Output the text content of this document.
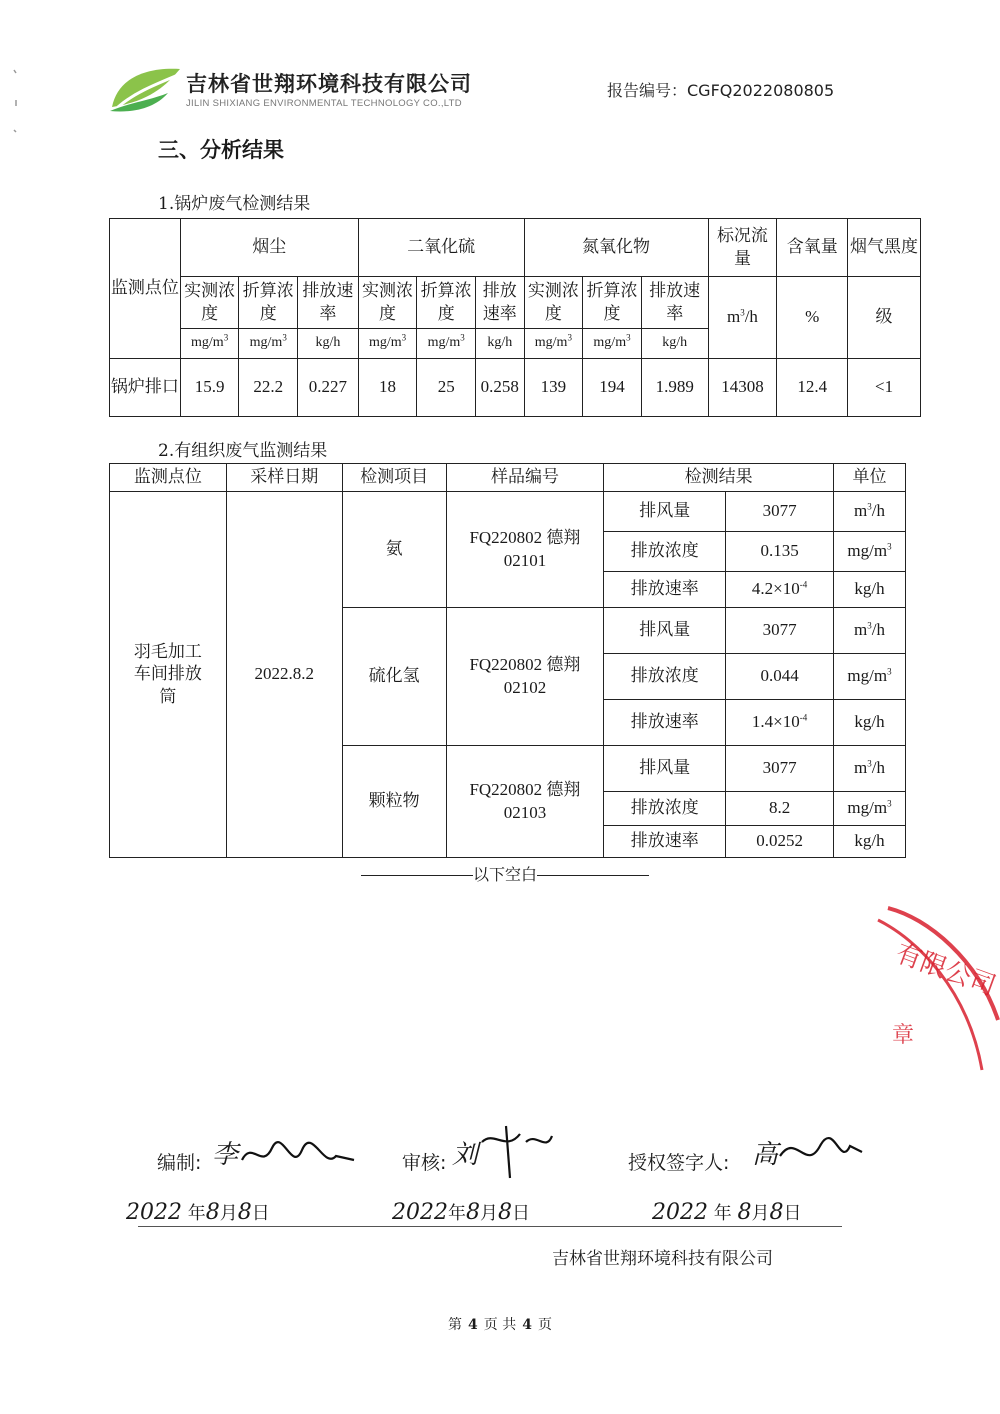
吉林省世翔环境科技有限公司
JILIN SHIXIANG ENVIRONMENTAL TECHNOLOGY CO.,LTD
报告编号：CGFQ2022080805
三、分析结果
1.锅炉废气检测结果
监测点位	烟尘			二氧化硫			氮氧化物			标况流量	含氧量	烟气黑度
	实测浓度	折算浓度	排放速率	实测浓度	折算浓度	排放速率	实测浓度	折算浓度	排放速率	$m^3/h$	%	级
	$mg/m^3$	$mg/m^3$	kg/h	$mg/m^3$	$mg/m^3$	kg/h	$mg/m^3$	$mg/m^3$	kg/h			
锅炉排口	15.9	22.2	0.227	18	25	0.258	139	194	1.989	14308	12.4	<1
2.有组织废气监测结果
监测点位	采样日期	检测项目	样品编号	检测结果		单位
羽毛加工车间排放筒	2022.8.2	氨	FQ220802 德翔
02101	排风量	3077	$m^3/h$
				排放浓度	0.135	$mg/m^3$
				排放速率	$4.2\times 10^{-4}$	kg/h
		硫化氢	FQ220802 德翔
02102	排风量	3077	$m^3/h$
				排放浓度	0.044	$mg/m^3$
				排放速率	$1.4\times 10^{-4}$	kg/h
		颗粒物	FQ220802 德翔
02103	排风量	3077	$m^3/h$
				排放浓度	8.2	$mg/m^3$
				排放速率	0.0252	kg/h
以下空白
有限公司
章
编制: 李	审核: 刘	授权签字人: 高
2022 年8月8日	2022年8月8日	2022 年 8月8日
吉林省世翔环境科技有限公司
第 4 页 共 4 页
